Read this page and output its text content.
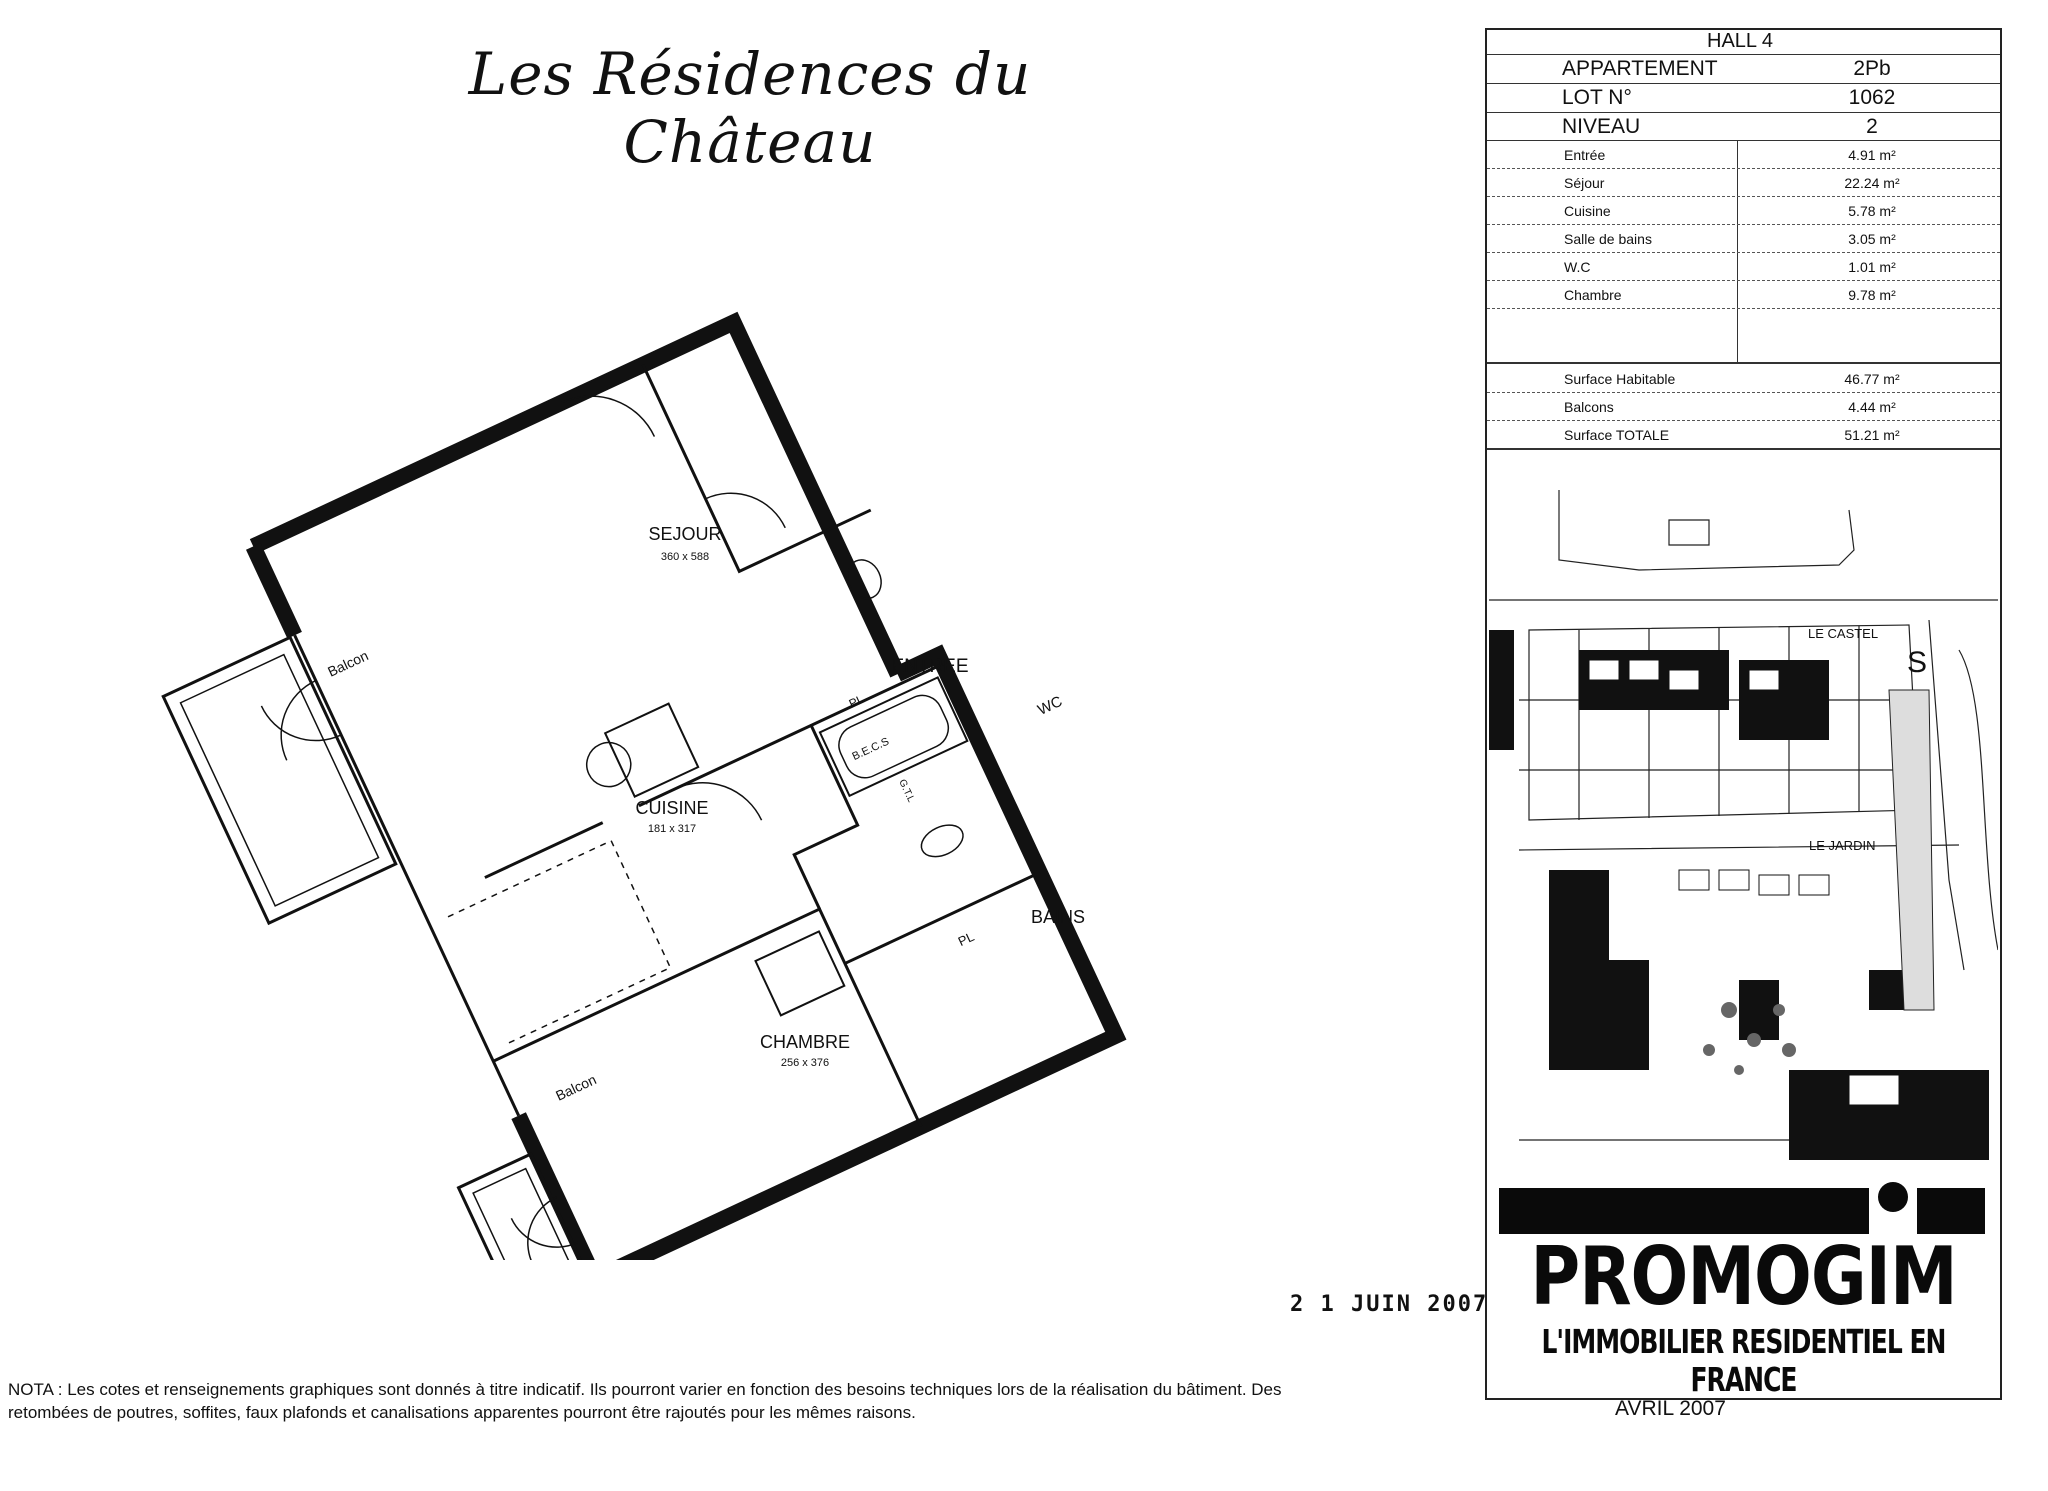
Les Résidences du Château
SEJOUR
360 x 588
ENTREE
CUISINE
181 x 317
CHAMBRE
256 x 376
BAINS
WC
Balcon
Balcon
PL
PL
B.E.C.S
G.T.L
HALL 4
APPARTEMENT	2Pb
LOT N°	1062
NIVEAU	2
Entrée	4.91 m²
Séjour	22.24 m²
Cuisine	5.78 m²
Salle de bains	3.05 m²
W.C	1.01 m²
Chambre	9.78 m²
Surface Habitable	46.77 m²
Balcons	4.44 m²
Surface TOTALE	51.21 m²
LE CASTEL
LE JARDIN
S
PROMOGIM
L'IMMOBILIER RESIDENTIEL EN FRANCE
2 1 JUIN 2007
AVRIL 2007
NOTA : Les cotes et renseignements graphiques sont donnés à titre indicatif. Ils pourront varier en fonction des besoins techniques lors de la réalisation du bâtiment. Des
retombées de poutres, soffites, faux plafonds et canalisations apparentes pourront être rajoutés pour les mêmes raisons.
